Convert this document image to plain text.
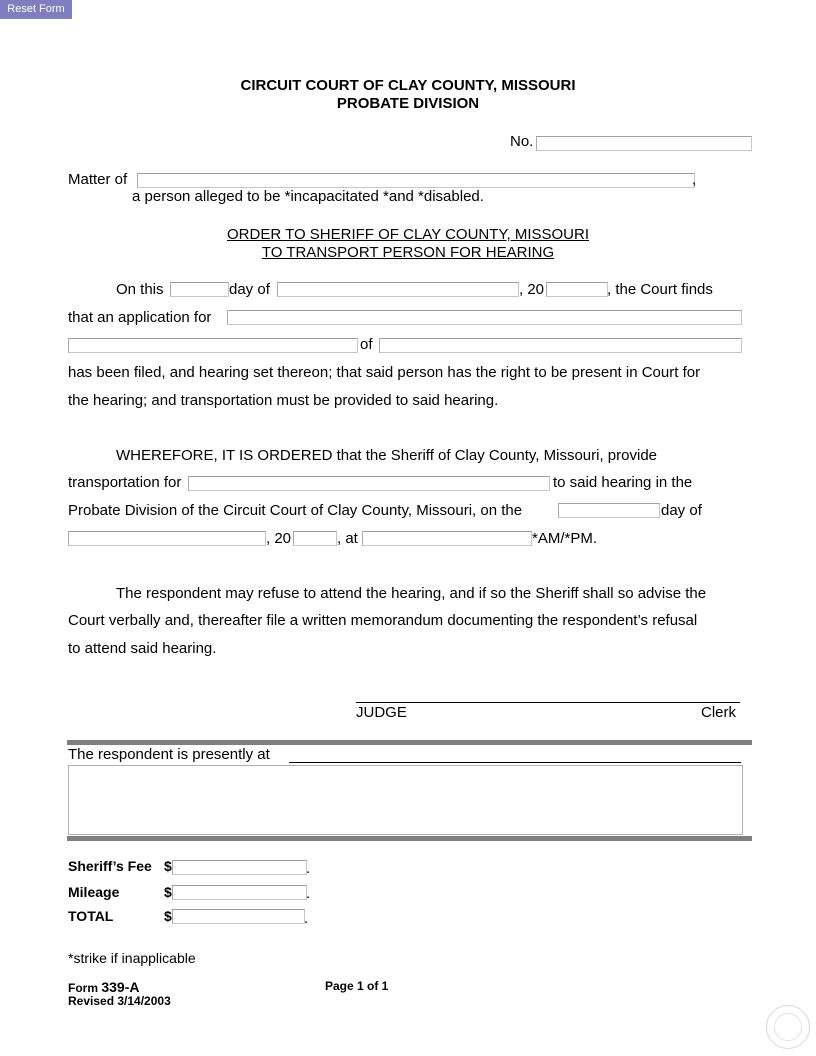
Reset Form
CIRCUIT COURT OF CLAY COUNTY, MISSOURI
PROBATE DIVISION
No.
Matter of	,
a person alleged to be *incapacitated *and *disabled.
ORDER TO SHERIFF OF CLAY COUNTY, MISSOURI
TO TRANSPORT PERSON FOR HEARING
On this	day of	, 20	, the Court finds
that an application for
of
has been filed, and hearing set thereon; that said person has the right to be present in Court for
the hearing; and transportation must be provided to said hearing.
WHEREFORE, IT IS ORDERED that the Sheriff of Clay County, Missouri, provide
transportation for	to said hearing in the
Probate Division of the Circuit Court of Clay County, Missouri, on the	day of
, 20	, at	*AM/*PM.
The respondent may refuse to attend the hearing, and if so the Sheriff shall so advise the
Court verbally and, thereafter file a written memorandum documenting the respondent’s refusal
to attend said hearing.
JUDGE	Clerk
The respondent is presently at
Sheriff’s Fee $	.
Mileage	$	.
TOTAL	$	.
*strike if inapplicable
Form 339-A
Revised 3/14/2003
Page 1 of 1
